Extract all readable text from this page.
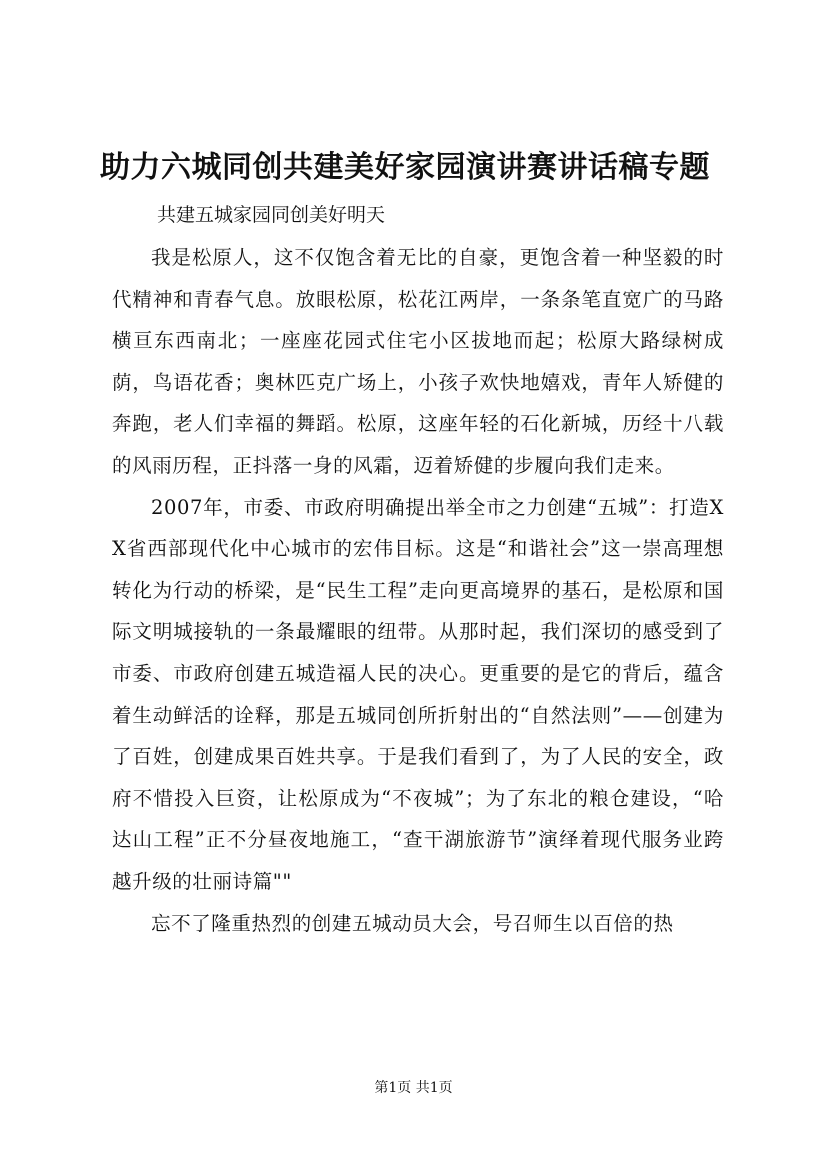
助力六城同创共建美好家园演讲赛讲话稿专题

共建五城家园同创美好明天

我是松原人，这不仅饱含着无比的自豪，更饱含着一种坚毅的时代精神和青春气息。放眼松原，松花江两岸，一条条笔直宽广的马路横亘东西南北；一座座花园式住宅小区拔地而起；松原大路绿树成荫，鸟语花香；奥林匹克广场上，小孩子欢快地嬉戏，青年人矫健的奔跑，老人们幸福的舞蹈。松原，这座年轻的石化新城，历经十八载的风雨历程，正抖落一身的风霜，迈着矫健的步履向我们走来。

2007年，市委、市政府明确提出举全市之力创建“五城”：打造XX省西部现代化中心城市的宏伟目标。这是“和谐社会”这一崇高理想转化为行动的桥梁，是“民生工程”走向更高境界的基石，是松原和国际文明城接轨的一条最耀眼的纽带。从那时起，我们深切的感受到了市委、市政府创建五城造福人民的决心。更重要的是它的背后，蕴含着生动鲜活的诠释，那是五城同创所折射出的“自然法则”——创建为了百姓，创建成果百姓共享。于是我们看到了，为了人民的安全，政府不惜投入巨资，让松原成为“不夜城”；为了东北的粮仓建设，“哈达山工程”正不分昼夜地施工，“查干湖旅游节”演绎着现代服务业跨越升级的壮丽诗篇""

忘不了隆重热烈的创建五城动员大会，号召师生以百倍的热

第1页 共1页
